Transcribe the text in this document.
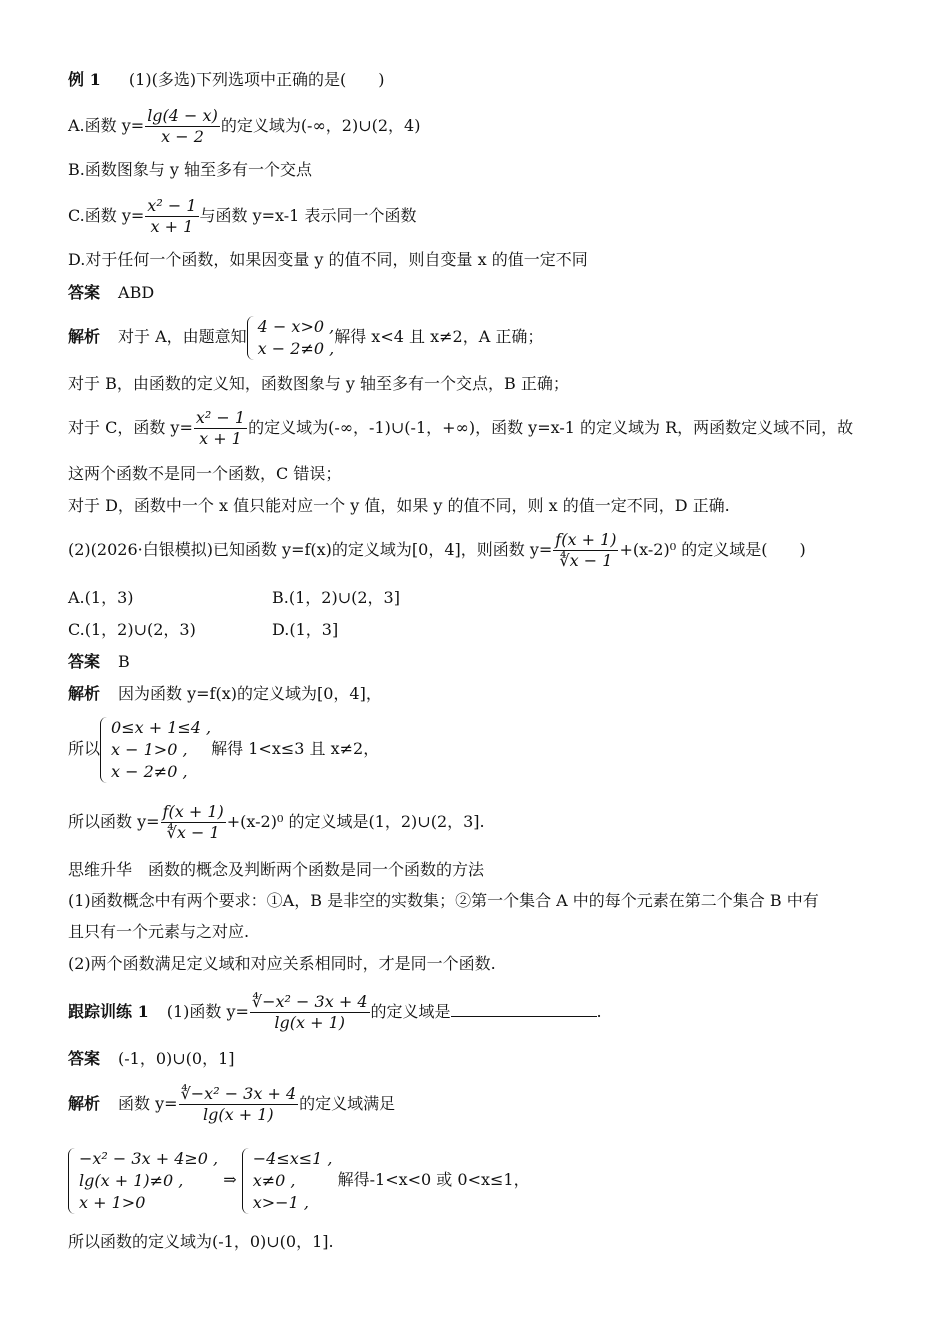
例 1 (1)(多选)下列选项中正确的是(　　)
A.函数 $y= \frac{\lg(4 - x)}{x - 2}$ 的定义域为(-∞，2)∪(2，4)
B.函数图象与 y 轴至多有一个交点
C.函数 $y= \frac{\text{x² − 1}}{x + 1}$ 与函数 y=x-1 表示同一个函数
D.对于任何一个函数，如果因变量 y 的值不同，则自变量 x 的值一定不同
答案 ABD
解析 对于 A，由题意知
4 − x>0 ,
x − 2≠0 ,
解得 x<4 且 x≠2，A 正确；
对于 B，由函数的定义知，函数图象与 y 轴至多有一个交点，B 正确；
对于 C，函数 $y= \frac{\text{x² − 1}}{x + 1}$ 的定义域为(-∞，-1)∪(-1，+∞)，函数 y=x-1 的定义域为 R，两函数定义域不同，故
这两个函数不是同一个函数，C 错误；
对于 D，函数中一个 x 值只能对应一个 y 值，如果 y 的值不同，则 x 的值一定不同，D 正确.
(2)(2026·白银模拟)已知函数 y=f(x)的定义域为[0，4]，则函数 $y= \frac{f(x + 1)}{∜x - 1} +(x-2)^0$ 的定义域是(　　)
A.(1，3)	B.(1，2)∪(2，3]
C.(1，2)∪(2，3)	D.(1，3]
答案 B
解析 因为函数 y=f(x)的定义域为[0，4]，
所以
0≤x + 1≤4 ,
x − 1>0 ,
x − 2≠0 ,
解得 1<x≤3 且 x≠2，
所以函数 $y= \frac{f(x + 1)}{∜x - 1} +(x-2)^0$ 的定义域是(1，2)∪(2，3].
思维升华　函数的概念及判断两个函数是同一个函数的方法
(1)函数概念中有两个要求：①A，B 是非空的实数集；②第一个集合 A 中的每个元素在第二个集合 B 中有
且只有一个元素与之对应.
(2)两个函数满足定义域和对应关系相同时，才是同一个函数.
跟踪训练 1 (1)函数 $y= \frac{\text{∜−x² − 3x + 4}}{\lg(x + 1)}$ 的定义域是	.
答案 (-1，0)∪(0，1]
解析 函数 $y= \frac{\text{∜−x² − 3x + 4}}{\lg(x + 1)}$ 的定义域满足
−x² − 3x + 4≥0 ,
lg(x + 1)≠0 ,
x + 1>0
⇒
−4≤x≤1 ,
x≠0 ,
x>−1 ,
解得-1<x<0 或 0<x≤1，
所以函数的定义域为(-1，0)∪(0，1].
